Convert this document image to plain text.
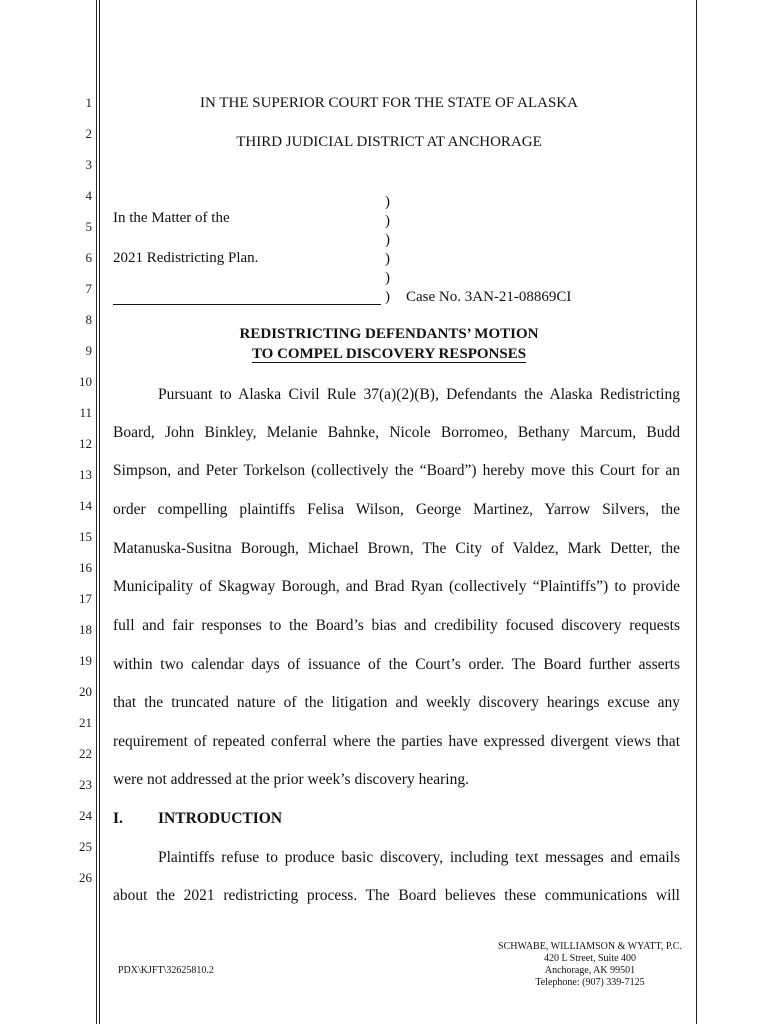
1
2
3
4
5
6
7
8
9
10
11
12
13
14
15
16
17
18
19
20
21
22
23
24
25
26
IN THE SUPERIOR COURT FOR THE STATE OF ALASKA
THIRD JUDICIAL DISTRICT AT ANCHORAGE
In the Matter of the
2021 Redistricting Plan.
)
)
)
)
)
) Case No. 3AN-21-08869CI
REDISTRICTING DEFENDANTS’ MOTION
TO COMPEL DISCOVERY RESPONSES
Pursuant to Alaska Civil Rule 37(a)(2)(B), Defendants the Alaska Redistricting
Board, John Binkley, Melanie Bahnke, Nicole Borromeo, Bethany Marcum, Budd
Simpson, and Peter Torkelson (collectively the “Board”) hereby move this Court for an
order compelling plaintiffs Felisa Wilson, George Martinez, Yarrow Silvers, the
Matanuska-Susitna Borough, Michael Brown, The City of Valdez, Mark Detter, the
Municipality of Skagway Borough, and Brad Ryan (collectively “Plaintiffs”) to provide
full and fair responses to the Board’s bias and credibility focused discovery requests
within two calendar days of issuance of the Court’s order. The Board further asserts
that the truncated nature of the litigation and weekly discovery hearings excuse any
requirement of repeated conferral where the parties have expressed divergent views that
were not addressed at the prior week’s discovery hearing.
I. INTRODUCTION
Plaintiffs refuse to produce basic discovery, including text messages and emails
about the 2021 redistricting process. The Board believes these communications will
PDX\KJFT\32625810.2
SCHWABE, WILLIAMSON & WYATT, P.C.
420 L Street, Suite 400
Anchorage, AK 99501
Telephone: (907) 339-7125
